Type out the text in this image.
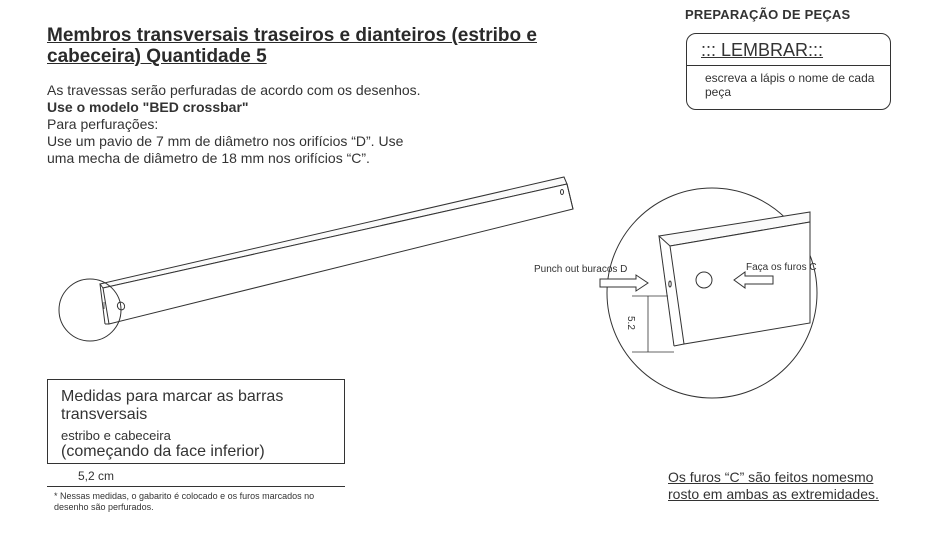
PREPARAÇÃO DE PEÇAS
::: LEMBRAR:::
escreva a lápis o nome de cada peça
Membros transversais traseiros e dianteiros (estribo e cabeceira) Quantidade 5
As travessas serão perfuradas de acordo com os desenhos.
Use o modelo "BED crossbar"
Para perfurações:
Use um pavio de 7 mm de diâmetro nos orifícios “D”. Use
uma mecha de diâmetro de 18 mm nos orifícios “C”.
Punch out buracos D	Faça os furos C
5.2
Medidas para marcar as barras transversais
estribo e cabeceira
(começando da face inferior)
5,2 cm
* Nessas medidas, o gabarito é colocado e os furos marcados no desenho são perfurados.
Os furos “C” são feitos nomesmo rosto em ambas as extremidades.
